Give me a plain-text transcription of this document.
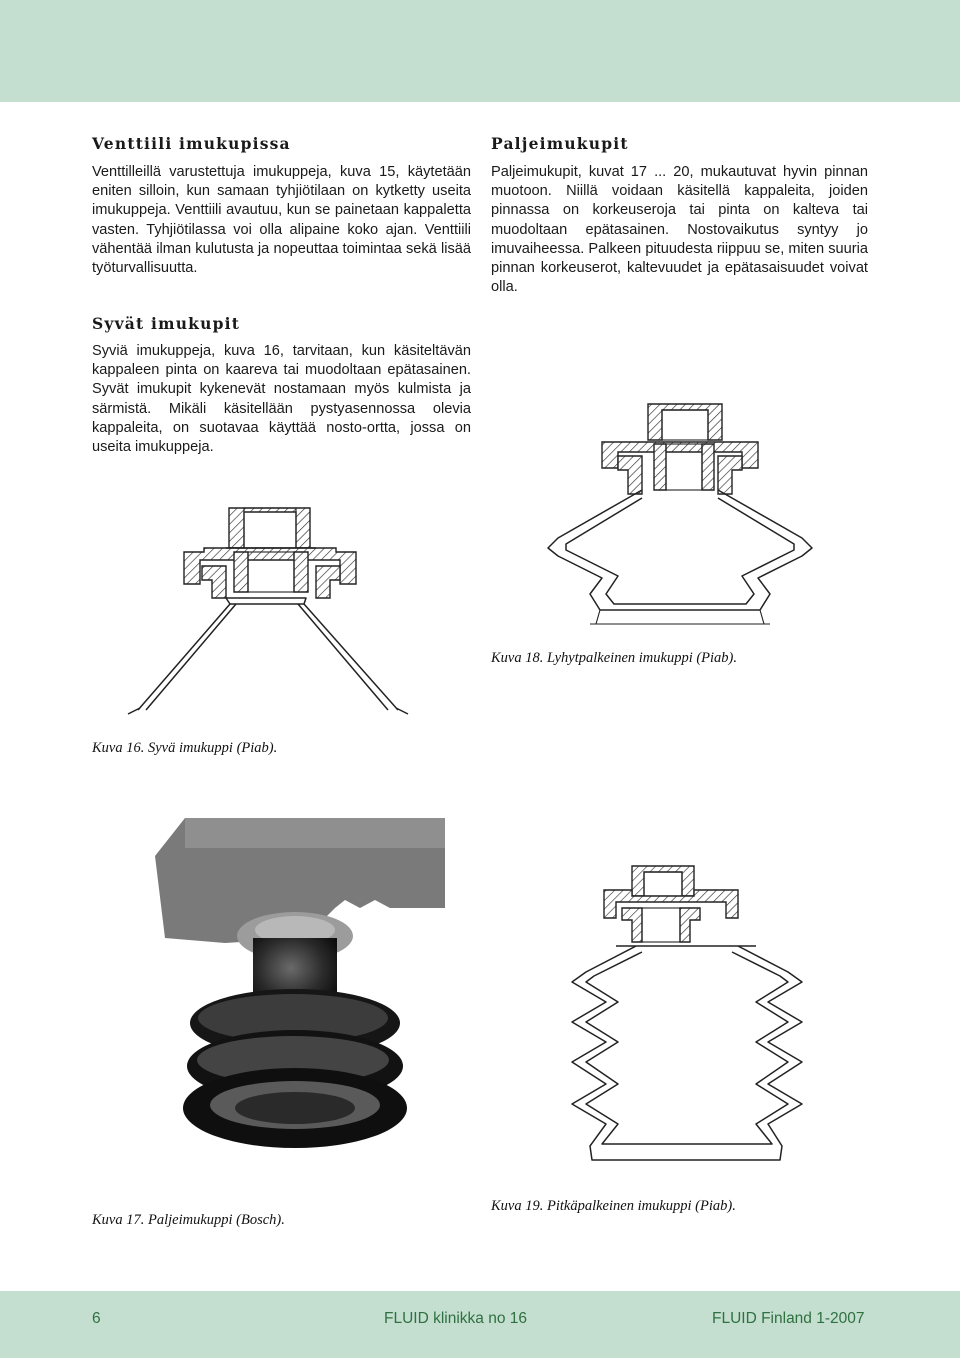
Venttiili imukupissa

Venttilleillä varustettuja imukuppeja, kuva 15, käytetään eniten silloin, kun samaan tyhjiötilaan on kytketty useita imukuppeja. Venttiili avautuu, kun se painetaan kappaletta vasten. Tyhjiötilassa voi olla alipaine koko ajan. Venttiili vähentää ilman kulutusta ja nopeuttaa toimintaa sekä lisää työturvallisuutta.

Syvät imukupit

Syviä imukuppeja, kuva 16, tarvitaan, kun käsiteltävän kappaleen pinta on kaareva tai muodoltaan epätasainen. Syvät imukupit kykenevät nostamaan myös kulmista ja särmistä. Mikäli käsitellään pystyasennossa olevia kappaleita, on suotavaa käyttää nosto-ortta, jossa on useita imukuppeja.

Paljeimukupit

Paljeimukupit, kuvat 17 ... 20, mukautuvat hyvin pinnan muotoon. Niillä voidaan käsitellä kappaleita, joiden pinnassa on korkeuseroja tai pinta on kalteva tai muodoltaan epätasainen. Nostovaikutus syntyy jo imuvaiheessa. Palkeen pituudesta riippuu se, miten suuria pinnan korkeuserot, kaltevuudet ja epätasaisuudet voivat olla.

Kuva 16. Syvä imukuppi (Piab).

Kuva 17. Paljeimukuppi (Bosch).

Kuva 18. Lyhytpalkeinen imukuppi (Piab).

Kuva 19. Pitkäpalkeinen imukuppi (Piab).

6	FLUID klinikka no 16	FLUID Finland 1-2007
